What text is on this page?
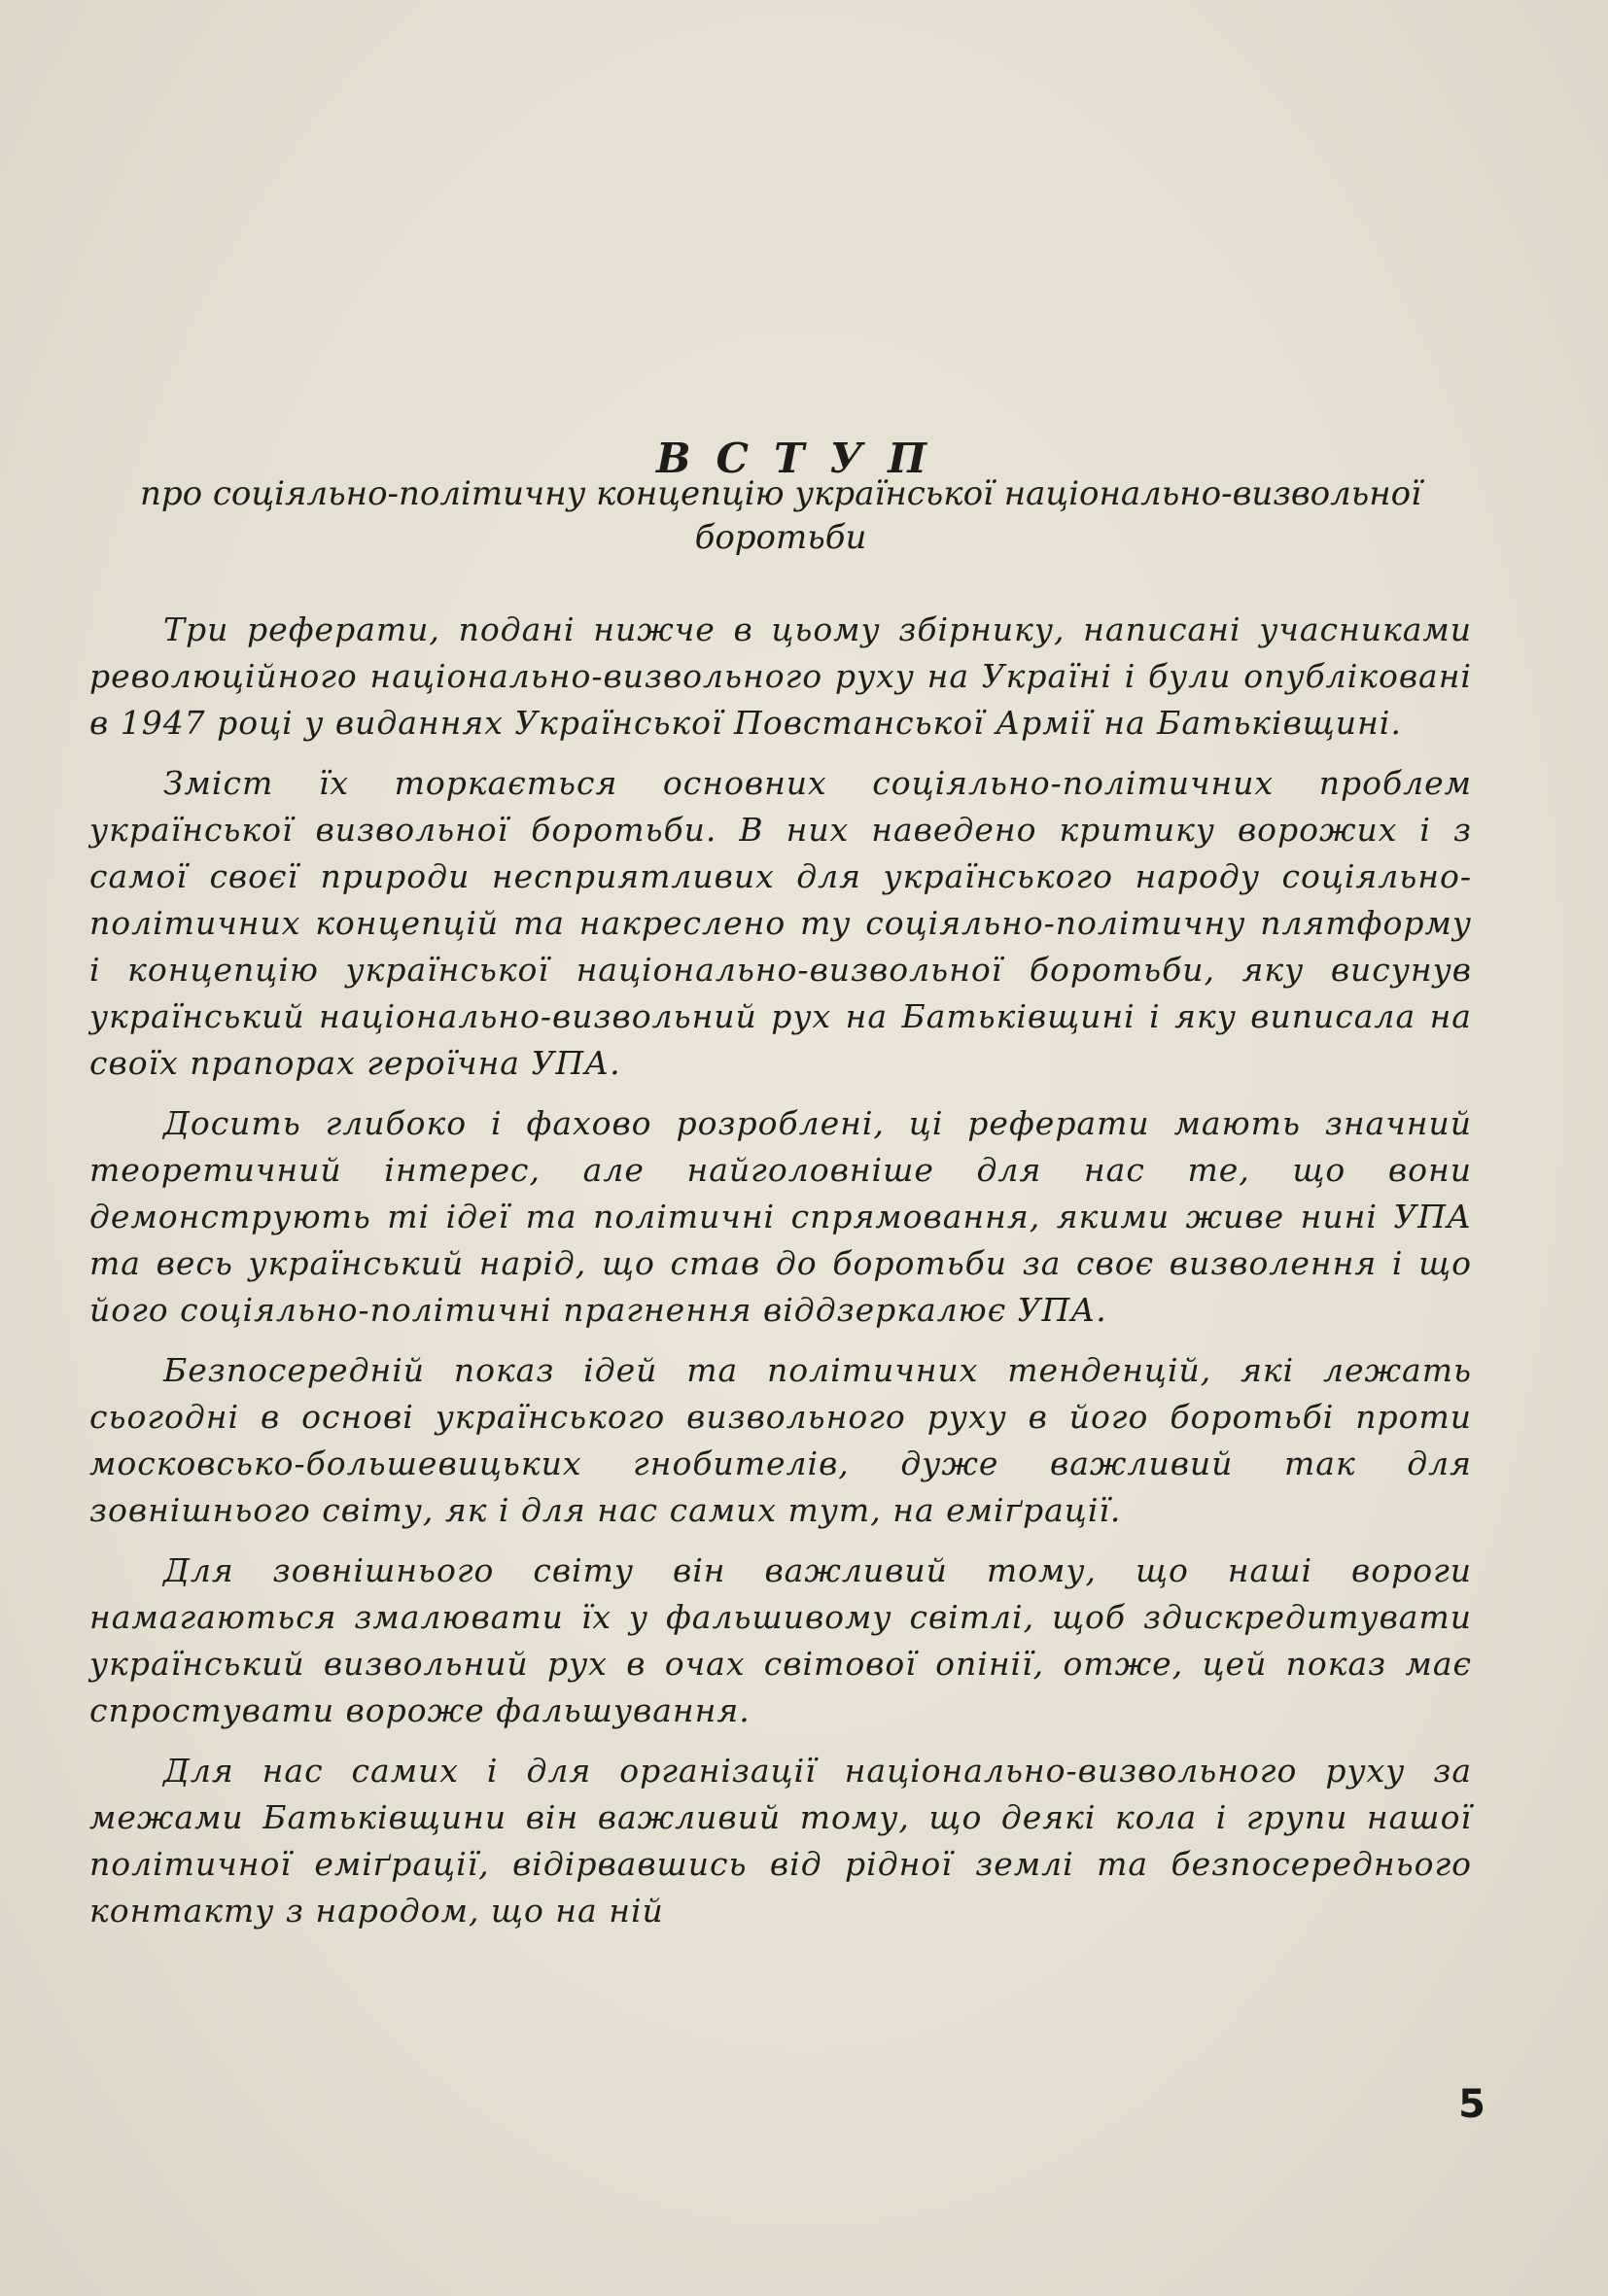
ВСТУП
про соціяльно-політичну концепцію української національно-визвольної боротьби

Три реферати, подані нижче в цьому збірнику, написані учасниками революційного національно-визвольного руху на Україні і були опубліковані в 1947 році у виданнях Української Повстанської Армії на Батьківщині.

Зміст їх торкається основних соціяльно-політичних проблем української визвольної боротьби. В них наведено критику ворожих і з самої своєї природи несприятливих для українського народу соціяльно-політичних концепцій та накреслено ту соціяльно-політичну плятформу і концепцію української національно-визвольної боротьби, яку висунув український національно-визвольний рух на Батьківщині і яку виписала на своїх прапорах героїчна УПА.

Досить глибоко і фахово розроблені, ці реферати мають значний теоретичний інтерес, але найголовніше для нас те, що вони демонструють ті ідеї та політичні спрямовання, якими живе нині УПА та весь український нарід, що став до боротьби за своє визволення і що його соціяльно-політичні прагнення віддзеркалює УПА.

Безпосередній показ ідей та політичних тенденцій, які лежать сьогодні в основі українського визвольного руху в його боротьбі проти московсько-большевицьких гнобителів, дуже важливий так для зовнішнього світу, як і для нас самих тут, на еміґрації.

Для зовнішнього світу він важливий тому, що наші вороги намагаються змалювати їх у фальшивому світлі, щоб здискредитувати український визвольний рух в очах світової опінії, отже, цей показ має спростувати вороже фальшування.

Для нас самих і для організації національно-визвольного руху за межами Батьківщини він важливий тому, що деякі кола і групи нашої політичної еміґрації, відірвавшись від рідної землі та безпосереднього контакту з народом, що на ній

5
